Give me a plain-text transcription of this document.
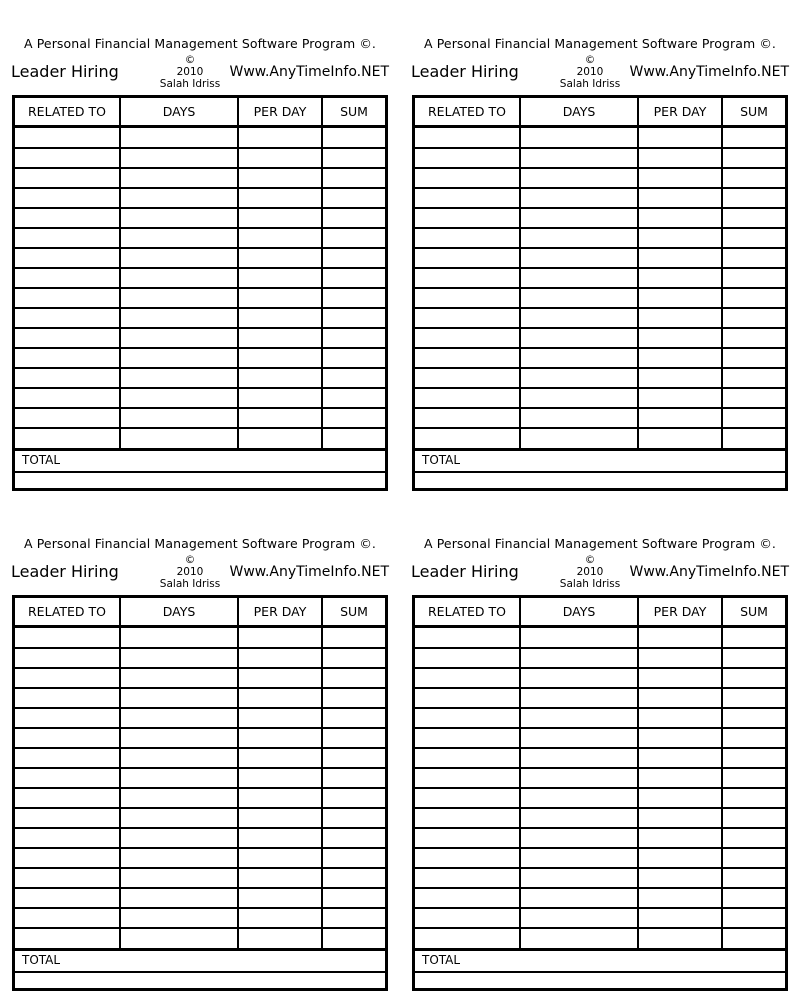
A Personal Financial Management Software Program ©.
Leader Hiring
©
2010
Salah Idriss
Www.AnyTimeInfo.NET
RELATED TO	DAYS	PER DAY	SUM
TOTAL
A Personal Financial Management Software Program ©.
Leader Hiring
©
2010
Salah Idriss
Www.AnyTimeInfo.NET
RELATED TO	DAYS	PER DAY	SUM
TOTAL
A Personal Financial Management Software Program ©.
Leader Hiring
©
2010
Salah Idriss
Www.AnyTimeInfo.NET
RELATED TO	DAYS	PER DAY	SUM
TOTAL
A Personal Financial Management Software Program ©.
Leader Hiring
©
2010
Salah Idriss
Www.AnyTimeInfo.NET
RELATED TO	DAYS	PER DAY	SUM
TOTAL
